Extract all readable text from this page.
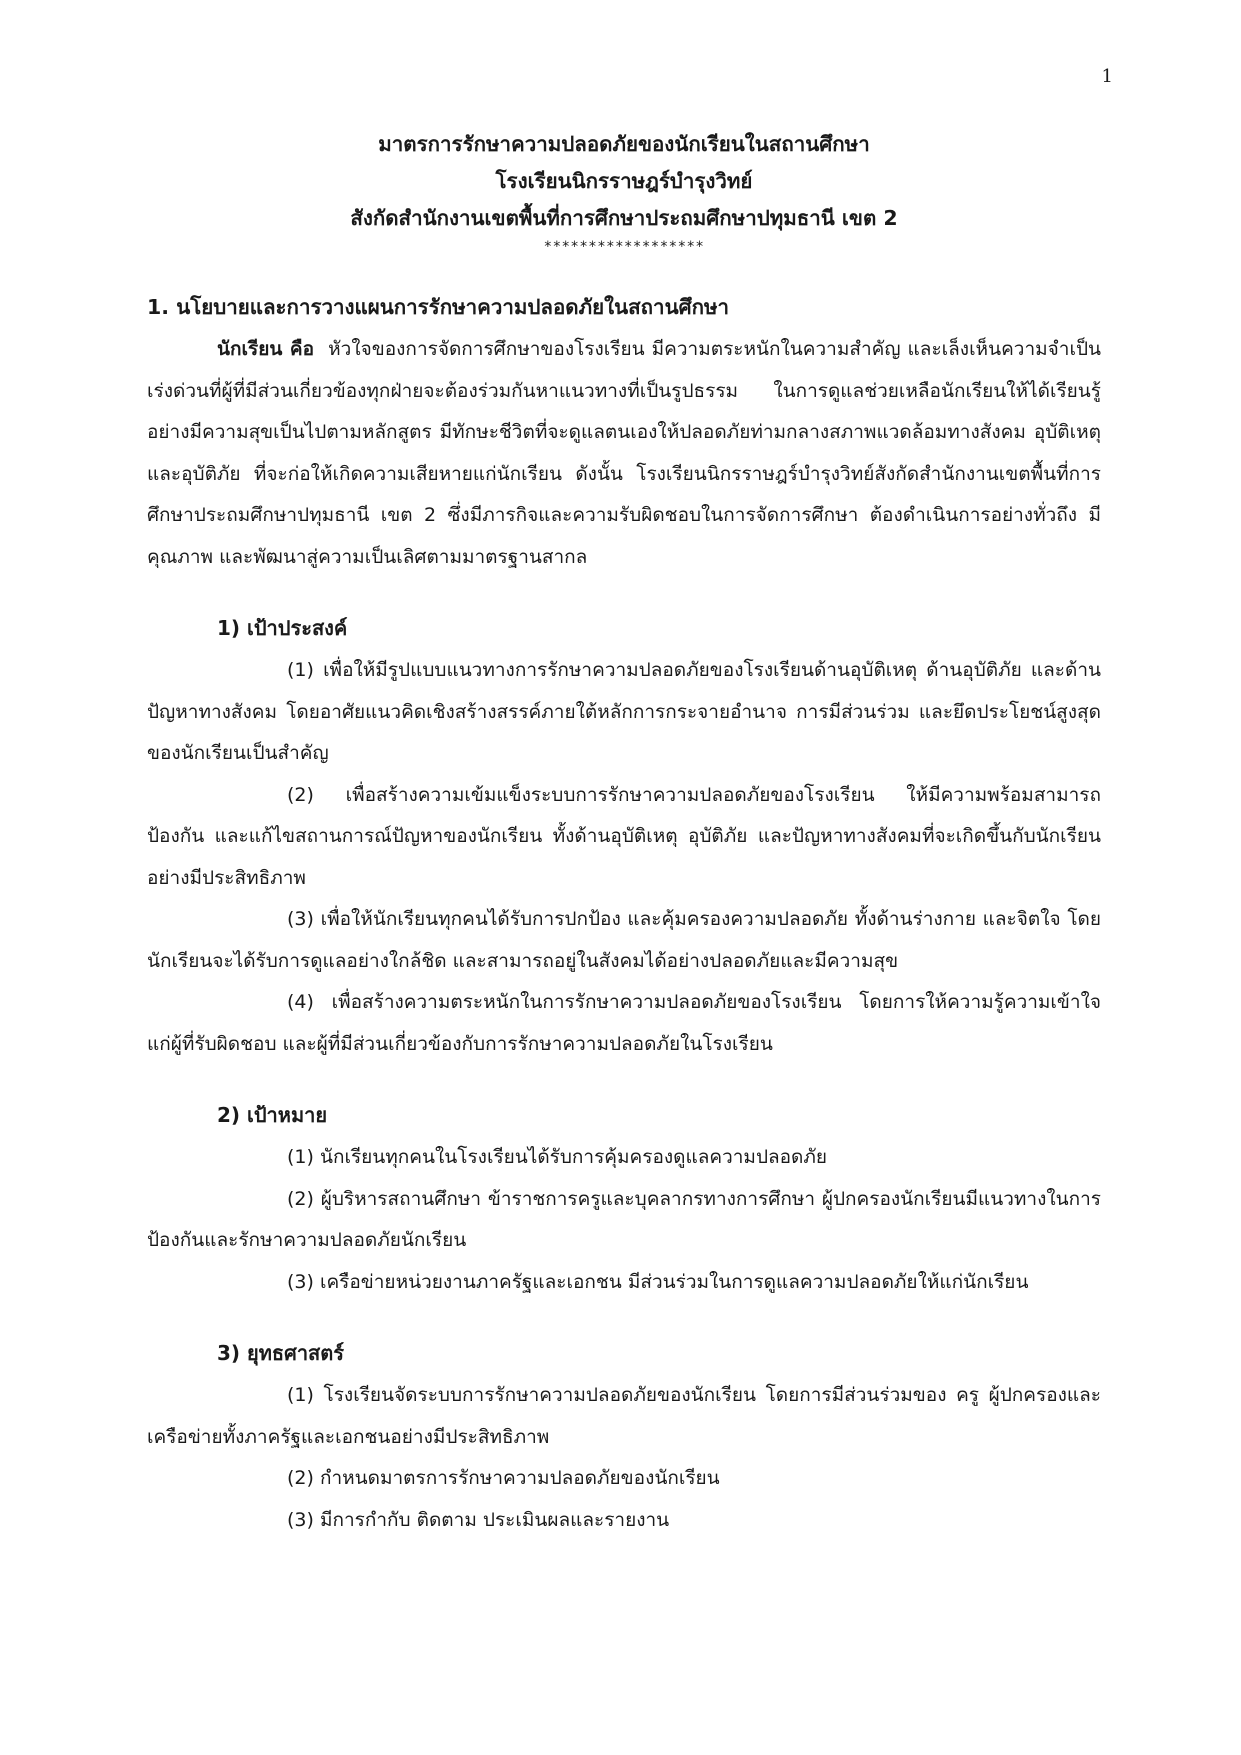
1
มาตรการรักษาความปลอดภัยของนักเรียนในสถานศึกษา
โรงเรียนนิกรราษฎร์บำรุงวิทย์
สังกัดสำนักงานเขตพื้นที่การศึกษาประถมศึกษาปทุมธานี เขต 2
******************
1. นโยบายและการวางแผนการรักษาความปลอดภัยในสถานศึกษา
นักเรียน คือ หัวใจของการจัดการศึกษาของโรงเรียน มีความตระหนักในความสำคัญ และเล็งเห็นความจำเป็นเร่งด่วนที่ผู้ที่มีส่วนเกี่ยวข้องทุกฝ่ายจะต้องร่วมกันหาแนวทางที่เป็นรูปธรรม ในการดูแลช่วยเหลือนักเรียนให้ได้เรียนรู้อย่างมีความสุขเป็นไปตามหลักสูตร มีทักษะชีวิตที่จะดูแลตนเองให้ปลอดภัยท่ามกลางสภาพแวดล้อมทางสังคม อุบัติเหตุ และอุบัติภัย ที่จะก่อให้เกิดความเสียหายแก่นักเรียน ดังนั้น โรงเรียนนิกรราษฎร์บำรุงวิทย์สังกัดสำนักงานเขตพื้นที่การศึกษาประถมศึกษาปทุมธานี เขต 2 ซึ่งมีภารกิจและความรับผิดชอบในการจัดการศึกษา ต้องดำเนินการอย่างทั่วถึง มีคุณภาพ และพัฒนาสู่ความเป็นเลิศตามมาตรฐานสากล
1) เป้าประสงค์
(1) เพื่อให้มีรูปแบบแนวทางการรักษาความปลอดภัยของโรงเรียนด้านอุบัติเหตุ ด้านอุบัติภัย และด้านปัญหาทางสังคม โดยอาศัยแนวคิดเชิงสร้างสรรค์ภายใต้หลักการกระจายอำนาจ การมีส่วนร่วม และยึดประโยชน์สูงสุดของนักเรียนเป็นสำคัญ
(2) เพื่อสร้างความเข้มแข็งระบบการรักษาความปลอดภัยของโรงเรียน ให้มีความพร้อมสามารถป้องกัน และแก้ไขสถานการณ์ปัญหาของนักเรียน ทั้งด้านอุบัติเหตุ อุบัติภัย และปัญหาทางสังคมที่จะเกิดขึ้นกับนักเรียนอย่างมีประสิทธิภาพ
(3) เพื่อให้นักเรียนทุกคนได้รับการปกป้อง และคุ้มครองความปลอดภัย ทั้งด้านร่างกาย และจิตใจ โดยนักเรียนจะได้รับการดูแลอย่างใกล้ชิด และสามารถอยู่ในสังคมได้อย่างปลอดภัยและมีความสุข
(4) เพื่อสร้างความตระหนักในการรักษาความปลอดภัยของโรงเรียน โดยการให้ความรู้ความเข้าใจ แก่ผู้ที่รับผิดชอบ และผู้ที่มีส่วนเกี่ยวข้องกับการรักษาความปลอดภัยในโรงเรียน
2) เป้าหมาย
(1) นักเรียนทุกคนในโรงเรียนได้รับการคุ้มครองดูแลความปลอดภัย
(2) ผู้บริหารสถานศึกษา ข้าราชการครูและบุคลากรทางการศึกษา ผู้ปกครองนักเรียนมีแนวทางในการป้องกันและรักษาความปลอดภัยนักเรียน
(3) เครือข่ายหน่วยงานภาครัฐและเอกชน มีส่วนร่วมในการดูแลความปลอดภัยให้แก่นักเรียน
3) ยุทธศาสตร์
(1) โรงเรียนจัดระบบการรักษาความปลอดภัยของนักเรียน โดยการมีส่วนร่วมของ ครู ผู้ปกครองและเครือข่ายทั้งภาครัฐและเอกชนอย่างมีประสิทธิภาพ
(2) กำหนดมาตรการรักษาความปลอดภัยของนักเรียน
(3) มีการกำกับ ติดตาม ประเมินผลและรายงาน
